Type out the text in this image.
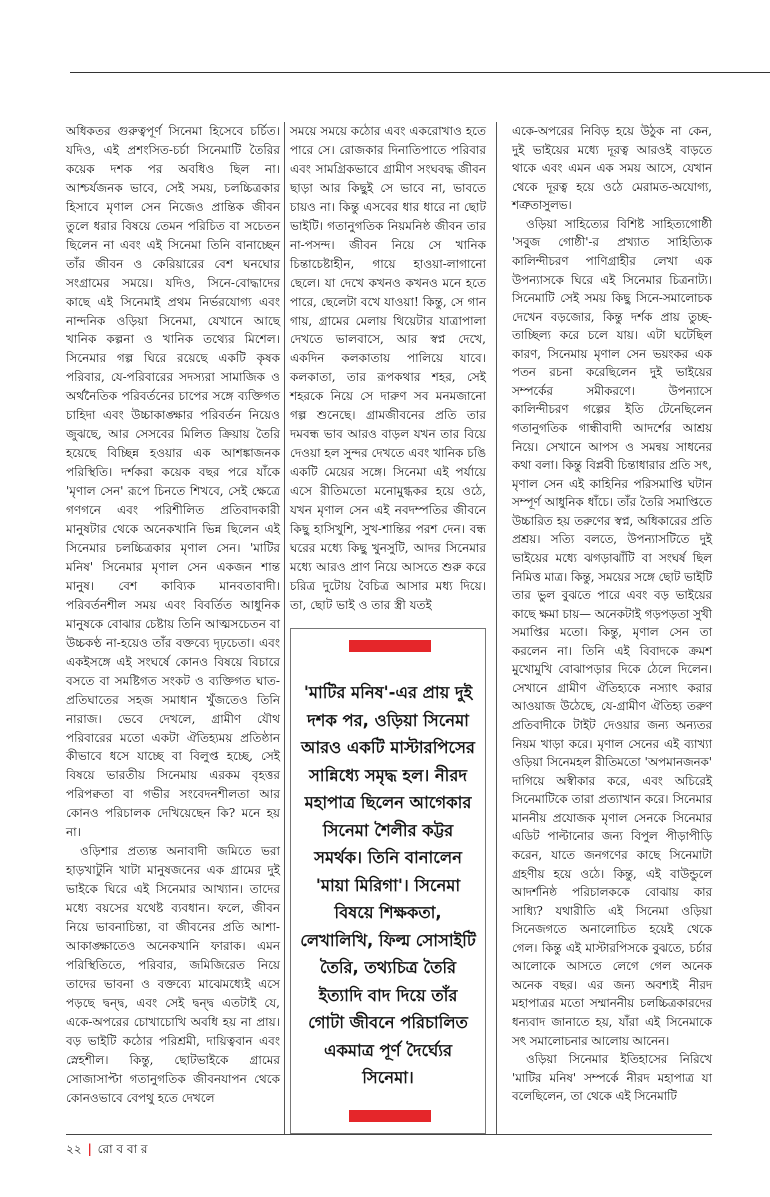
অধিকতর গুরুত্বপূর্ণ সিনেমা হিসেবে চর্চিত। যদিও, এই প্রশংসিত-চর্চা সিনেমাটি তৈরির কয়েক দশক পর অবধিও ছিল না। আশ্চর্যজনক ভাবে, সেই সময়, চলচ্চিত্রকার হিসাবে মৃণাল সেন নিজেও প্রান্তিক জীবন তুলে ধরার বিষয়ে তেমন পরিচিত বা সচেতন ছিলেন না এবং এই সিনেমা তিনি বানাচ্ছেন তাঁর জীবন ও কেরিয়ারের বেশ ঘনঘোর সংগ্রামের সময়ে। যদিও, সিনে-বোদ্ধাদের কাছে এই সিনেমাই প্রথম নির্ভরযোগ্য এবং নান্দনিক ওড়িয়া সিনেমা, যেখানে আছে খানিক কল্পনা ও খানিক তথ্যের মিশেল। সিনেমার গল্প ঘিরে রয়েছে একটি কৃষক পরিবার, যে-পরিবারের সদস্যরা সামাজিক ও অর্থনৈতিক পরিবর্তনের চাপের সঙ্গে ব্যক্তিগত চাহিদা এবং উচ্চাকাঙ্ক্ষার পরিবর্তন নিয়েও জুঝছে, আর সেসবের মিলিত ক্রিয়ায় তৈরি হয়েছে বিচ্ছিন্ন হওয়ার এক আশঙ্কাজনক পরিস্থিতি। দর্শকরা কয়েক বছর পরে যাঁকে 'মৃণাল সেন' রূপে চিনতে শিখবে, সেই ক্ষেত্রে গণগনে এবং পরিশীলিত প্রতিবাদকারী মানুষটার থেকে অনেকখানি ভিন্ন ছিলেন এই সিনেমার চলচ্চিত্রকার মৃণাল সেন। 'মাটির মনিষ' সিনেমার মৃণাল সেন একজন শান্ত মানুষ। বেশ কাব্যিক মানবতাবাদী। পরিবর্তনশীল সময় এবং বিবর্তিত আধুনিক মানুষকে বোঝার চেষ্টায় তিনি আত্মসচেতন বা উচ্চকণ্ঠ না-হয়েও তাঁর বক্তব্যে দৃঢ়চেতা। এবং একইসঙ্গে এই সংঘর্ষে কোনও বিষয়ে বিচারে বসতে বা সমষ্টিগত সংকট ও ব্যক্তিগত ঘাত-প্রতিঘাতের সহজ সমাধান খুঁজতেও তিনি নারাজ। ভেবে দেখলে, গ্রামীণ যৌথ পরিবারের মতো একটা ঐতিহ্যময় প্রতিষ্ঠান কীভাবে ধসে যাচ্ছে বা বিলুপ্ত হচ্ছে, সেই বিষয়ে ভারতীয় সিনেমায় এরকম বৃহত্তর পরিপক্বতা বা গভীর সংবেদনশীলতা আর কোনও পরিচালক দেখিয়েছেন কি? মনে হয় না।

ওড়িশার প্রত্যন্ত অনাবাদী জমিতে ভরা হাড়খাটুনি খাটা মানুষজনের এক গ্রামের দুই ভাইকে ঘিরে এই সিনেমার আখ্যান। তাদের মধ্যে বয়সের যথেষ্ট ব্যবধান। ফলে, জীবন নিয়ে ভাবনাচিন্তা, বা জীবনের প্রতি আশা-আকাঙ্ক্ষাতেও অনেকখানি ফারাক। এমন পরিস্থিতিতে, পরিবার, জমিজিরেত নিয়ে তাদের ভাবনা ও বক্তব্যে মাঝেমধ্যেই এসে পড়ছে দ্বন্দ্ব, এবং সেই দ্বন্দ্ব এতটাই যে, একে-অপরের চোখাচোখি অবধি হয় না প্রায়। বড় ভাইটি কঠোর পরিশ্রমী, দায়িত্ববান এবং স্নেহশীল। কিন্তু, ছোটভাইকে গ্রামের সোজাসাপ্টা গতানুগতিক জীবনযাপন থেকে কোনওভাবে বেপথু হতে দেখলে

সময়ে সময়ে কঠোর এবং একরোখাও হতে পারে সে। রোজকার দিনাতিপাতে পরিবার এবং সামগ্রিকভাবে গ্রামীণ সংঘবদ্ধ জীবন ছাড়া আর কিছুই সে ভাবে না, ভাবতে চায়ও না। কিন্তু এসবের ধার ধারে না ছোট ভাইটি। গতানুগতিক নিয়মনিষ্ঠ জীবন তার না-পসন্দ। জীবন নিয়ে সে খানিক চিন্তাচেষ্টাহীন, গায়ে হাওয়া-লাগানো ছেলে। যা দেখে কখনও কখনও মনে হতে পারে, ছেলেটা বখে যাওয়া! কিন্তু, সে গান গায়, গ্রামের মেলায় থিয়েটার যাত্রাপালা দেখতে ভালবাসে, আর স্বপ্ন দেখে, একদিন কলকাতায় পালিয়ে যাবে। কলকাতা, তার রূপকথার শহর, সেই শহরকে নিয়ে সে দারুণ সব মনমজানো গল্প শুনেছে। গ্রামজীবনের প্রতি তার দমবন্ধ ভাব আরও বাড়ল যখন তার বিয়ে দেওয়া হল সুন্দর দেখতে এবং খানিক চঙি একটি মেয়ের সঙ্গে। সিনেমা এই পর্যায়ে এসে রীতিমতো মনোমুগ্ধকর হয়ে ওঠে, যখন মৃণাল সেন এই নবদম্পতির জীবনে কিছু হাসিখুশি, সুখ-শান্তির পরশ দেন। বন্ধ ঘরের মধ্যে কিছু খুনসুটি, আদর সিনেমার মধ্যে আরও প্রাণ নিয়ে আসতে শুরু করে চরিত্র দুটোয় বৈচিত্র আসার মধ্য দিয়ে। তা, ছোট ভাই ও তার স্ত্রী যতই

'মাটির মনিষ'-এর প্রায় দুই দশক পর, ওড়িয়া সিনেমা আরও একটি মাস্টারপিসের সান্নিধ্যে সমৃদ্ধ হল। নীরদ মহাপাত্র ছিলেন আগেকার সিনেমা শৈলীর কট্টর সমর্থক। তিনি বানালেন 'মায়া মিরিগা'। সিনেমা বিষয়ে শিক্ষকতা, লেখালিখি, ফিল্ম সোসাইটি তৈরি, তথ্যচিত্র তৈরি ইত্যাদি বাদ দিয়ে তাঁর গোটা জীবনে পরিচালিত একমাত্র পূর্ণ দৈর্ঘ্যের সিনেমা।

একে-অপরের নিবিড় হয়ে উঠুক না কেন, দুই ভাইয়ের মধ্যে দূরত্ব আরওই বাড়তে থাকে এবং এমন এক সময় আসে, যেখান থেকে দূরত্ব হয়ে ওঠে মেরামত-অযোগ্য, শত্রুতাসুলভ।

ওড়িয়া সাহিত্যের বিশিষ্ট সাহিত্যগোষ্ঠী 'সবুজ গোষ্ঠী'-র প্রখ্যাত সাহিত্যিক কালিন্দীচরণ পাণিগ্রাহীর লেখা এক উপন্যাসকে ঘিরে এই সিনেমার চিত্রনাট্য। সিনেমাটি সেই সময় কিছু সিনে-সমালোচক দেখেন বড়জোর, কিন্তু দর্শক প্রায় তুচ্ছ-তাচ্ছিল্য করে চলে যায়। এটা ঘটেছিল কারণ, সিনেমায় মৃণাল সেন ভয়ংকর এক পতন রচনা করেছিলেন দুই ভাইয়ের সম্পর্কের সমীকরণে। উপন্যাসে কালিন্দীচরণ গল্পের ইতি টেনেছিলেন গতানুগতিক গান্ধীবাদী আদর্শের আশ্রয় নিয়ে। সেখানে আপস ও সমন্বয় সাধনের কথা বলা। কিন্তু বিপ্লবী চিন্তাধারার প্রতি সৎ, মৃণাল সেন এই কাহিনির পরিসমাপ্তি ঘটান সম্পূর্ণ আধুনিক ধাঁচে। তাঁর তৈরি সমাপ্তিতে উচ্চারিত হয় তরুণের স্বপ্ন, অধিকারের প্রতি প্রশ্রয়। সত্যি বলতে, উপন্যাসটিতে দুই ভাইয়ের মধ্যে ঝগড়াঝাঁটি বা সংঘর্ষ ছিল নিমিত্ত মাত্র। কিন্তু, সময়ের সঙ্গে ছোট ভাইটি তার ভুল বুঝতে পারে এবং বড় ভাইয়ের কাছে ক্ষমা চায়— অনেকটাই গড়পড়তা সুখী সমাপ্তির মতো। কিন্তু, মৃণাল সেন তা করলেন না। তিনি এই বিবাদকে ক্রমশ মুখোমুখি বোঝাপড়ার দিকে ঠেলে দিলেন। সেখানে গ্রামীণ ঐতিহ্যকে নস্যাৎ করার আওয়াজ উঠেছে, যে-গ্রামীণ ঐতিহ্য তরুণ প্রতিবাদীকে টাইট দেওয়ার জন্য অন্যতর নিয়ম খাড়া করে। মৃণাল সেনের এই ব্যাখ্যা ওড়িয়া সিনেমহল রীতিমতো 'অপমানজনক' দাগিয়ে অস্বীকার করে, এবং অচিরেই সিনেমাটিকে তারা প্রত্যাখান করে। সিনেমার মাননীয় প্রযোজক মৃণাল সেনকে সিনেমার এডিট পাল্টানোর জন্য বিপুল পীড়াপীড়ি করেন, যাতে জনগণের কাছে সিনেমাটা গ্রহণীয় হয়ে ওঠে। কিন্তু, এই বাউন্ডুলে আদর্শনিষ্ঠ পরিচালককে বোঝায় কার সাধ্যি? যথারীতি এই সিনেমা ওড়িয়া সিনেজগতে অনালোচিত হয়েই থেকে গেল। কিন্তু এই মাস্টারপিসকে বুঝতে, চর্চার আলোকে আসতে লেগে গেল অনেক অনেক বছর। এর জন্য অবশ্যই নীরদ মহাপাত্রর মতো সম্মাননীয় চলচ্চিত্রকারদের ধন্যবাদ জানাতে হয়, যাঁরা এই সিনেমাকে সৎ সমালোচনার আলোয় আনেন।

ওড়িয়া সিনেমার ইতিহাসের নিরিখে 'মাটির মনিষ' সম্পর্কে নীরদ মহাপাত্র যা বলেছিলেন, তা থেকে এই সিনেমাটি

২২ | রো ব বা র
